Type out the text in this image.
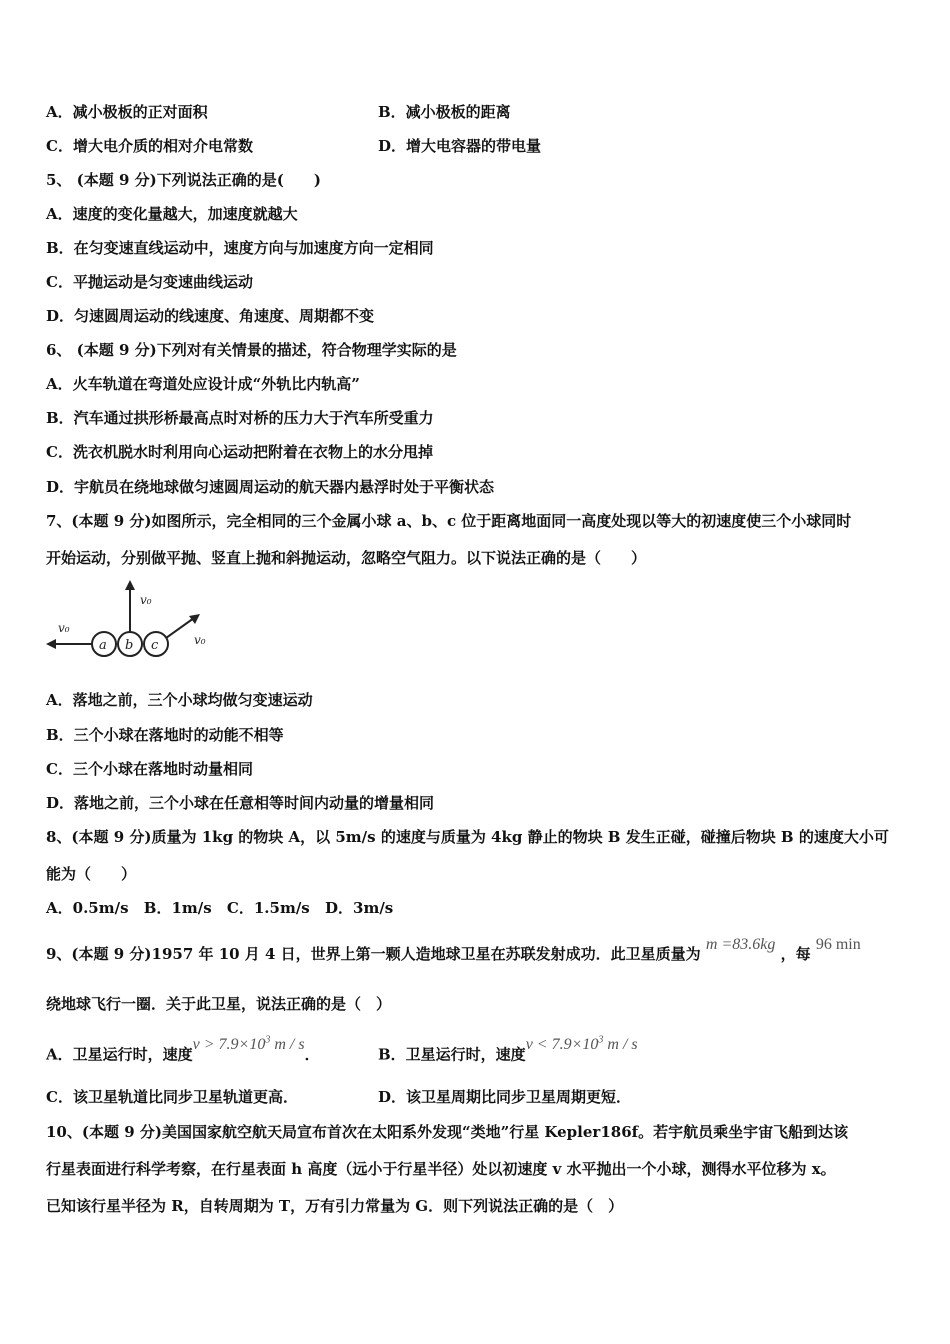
A．减小极板的正对面积	B．减小极板的距离
C．增大电介质的相对介电常数	D．增大电容器的带电量
5、 (本题 9 分)下列说法正确的是(　　)
A．速度的变化量越大，加速度就越大
B．在匀变速直线运动中，速度方向与加速度方向一定相同
C．平抛运动是匀变速曲线运动
D．匀速圆周运动的线速度、角速度、周期都不变
6、 (本题 9 分)下列对有关情景的描述，符合物理学实际的是
A．火车轨道在弯道处应设计成“外轨比内轨高”
B．汽车通过拱形桥最高点时对桥的压力大于汽车所受重力
C．洗衣机脱水时利用向心运动把附着在衣物上的水分甩掉
D．宇航员在绕地球做匀速圆周运动的航天器内悬浮时处于平衡状态
7、(本题 9 分)如图所示，完全相同的三个金属小球 a、b、c 位于距离地面同一高度处现以等大的初速度使三个小球同时
开始运动，分别做平抛、竖直上抛和斜抛运动，忽略空气阻力。以下说法正确的是（　　）
a b c
v₀
v₀
v₀
A．落地之前，三个小球均做匀变速运动
B．三个小球在落地时的动能不相等
C．三个小球在落地时动量相同
D．落地之前，三个小球在任意相等时间内动量的增量相同
8、(本题 9 分)质量为 1kg 的物块 A，以 5m/s 的速度与质量为 4kg 静止的物块 B 发生正碰，碰撞后物块 B 的速度大小可
能为（　　）
A．0.5m/s B．1m/s C．1.5m/s D．3m/s
9、(本题 9 分)1957 年 10 月 4 日，世界上第一颗人造地球卫星在苏联发射成功．此卫星质量为 m =83.6kg ，每 96 min
绕地球飞行一圈．关于此卫星，说法正确的是（　）
A．卫星运行时，速度$v > 7.9\times 10^3$ m / s．	B．卫星运行时，速度$v < 7.9\times 10^3$ m / s
C．该卫星轨道比同步卫星轨道更高．	D．该卫星周期比同步卫星周期更短．
10、(本题 9 分)美国国家航空航天局宣布首次在太阳系外发现“类地”行星 Kepler186f。若宇航员乘坐宇宙飞船到达该
行星表面进行科学考察，在行星表面 h 高度（远小于行星半径）处以初速度 v 水平抛出一个小球，测得水平位移为 x。
已知该行星半径为 R，自转周期为 T，万有引力常量为 G．则下列说法正确的是（　）
